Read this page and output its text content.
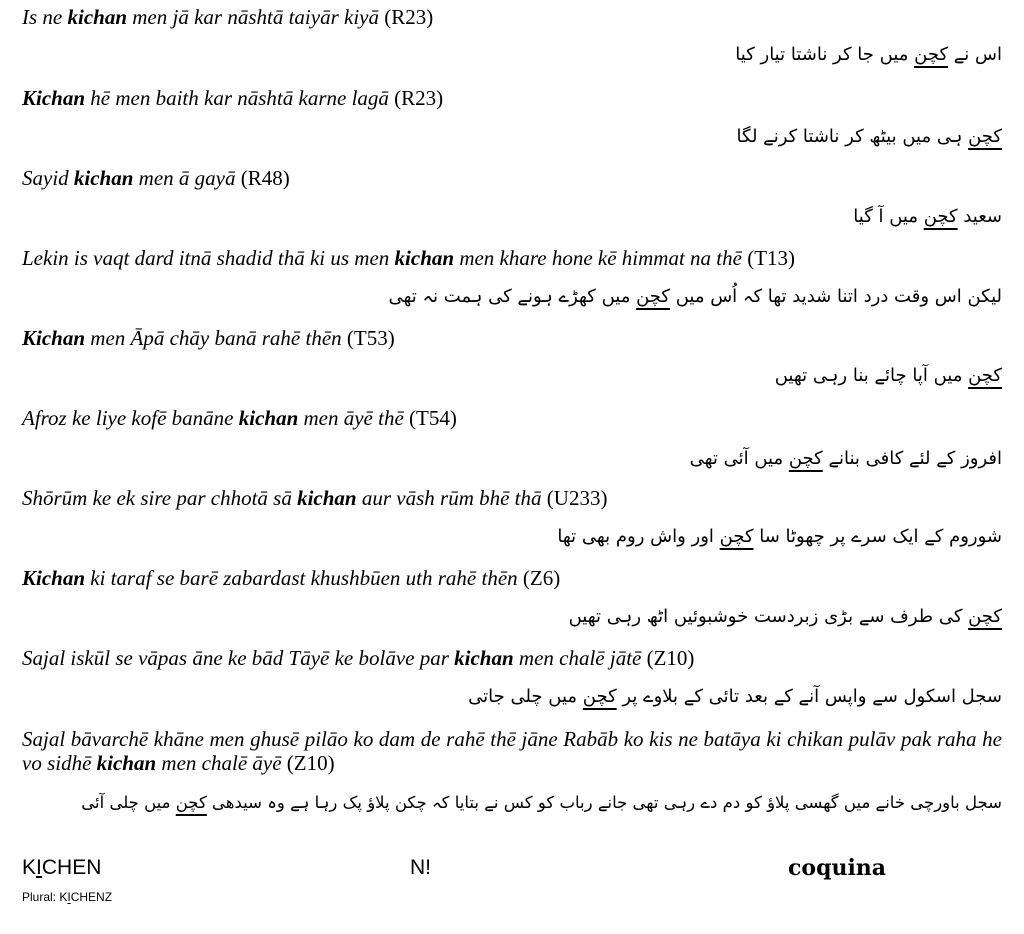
Is ne kichan men jā kar nāshtā taiyār kiyā (R23)
اس نے کچن میں جا کر ناشتا تیار کیا
Kichan hē men baith kar nāshtā karne lagā (R23)
کچن ہی میں بیٹھ کر ناشتا کرنے لگا
Sayid kichan men ā gayā (R48)
سعید کچن میں آ گیا
Lekin is vaqt dard itnā shadid thā ki us men kichan men khare hone kē himmat na thē (T13)
لیکن اس وقت درد اتنا شدید تھا کہ اُس میں کچن میں کھڑے ہونے کی ہمت نہ تھی
Kichan men Āpā chāy banā rahē thēn (T53)
کچن میں آپا چائے بنا رہی تھیں
Afroz ke liye kofē banāne kichan men āyē thē (T54)
افروز کے لئے کافی بنانے کچن میں آئی تھی
Shōrūm ke ek sire par chhotā sā kichan aur vāsh rūm bhē thā (U233)
شوروم کے ایک سرے پر چھوٹا سا کچن اور واش روم بھی تھا
Kichan ki taraf se barē zabardast khushbūen uth rahē thēn (Z6)
کچن کی طرف سے بڑی زبردست خوشبوئیں اٹھ رہی تھیں
Sajal iskūl se vāpas āne ke bād Tāyē ke bolāve par kichan men chalē jātē (Z10)
سجل اسکول سے واپس آنے کے بعد تائی کے بلاوے پر کچن میں چلی جاتی
Sajal bāvarchē khāne men ghusē pilāo ko dam de rahē thē jāne Rabāb ko kis ne batāya ki chikan pulāv pak raha he vo sidhē kichan men chalē āyē (Z10)
سجل باورچی خانے میں گھسی پلاؤ کو دم دے رہی تھی جانے رباب کو کس نے بتایا کہ چکن پلاؤ پک رہا ہے وہ سیدھی کچن میں چلی آئی
KICHEN	N!	coquina
Plural: KICHENZ
